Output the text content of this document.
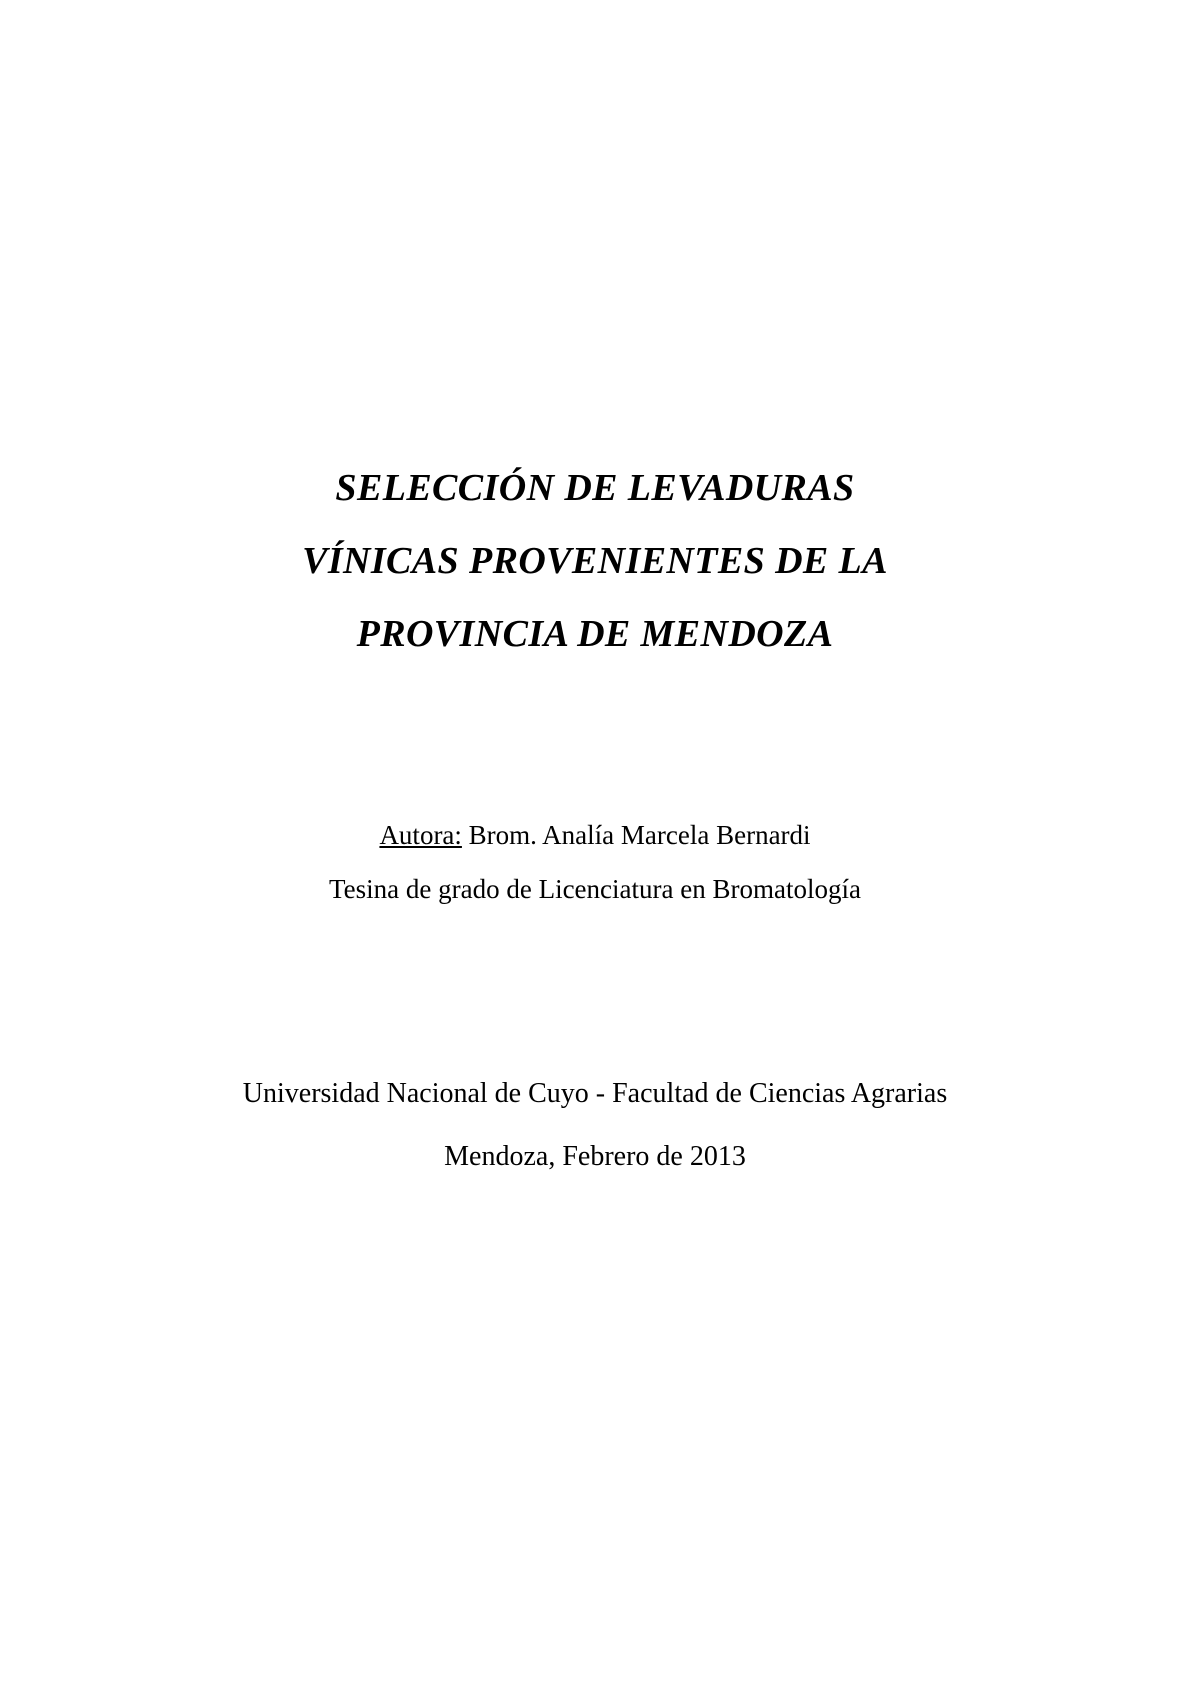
SELECCIÓN DE LEVADURAS
VÍNICAS PROVENIENTES DE LA
PROVINCIA DE MENDOZA
Autora: Brom. Analía Marcela Bernardi
Tesina de grado de Licenciatura en Bromatología
Universidad Nacional de Cuyo - Facultad de Ciencias Agrarias
Mendoza, Febrero de 2013
